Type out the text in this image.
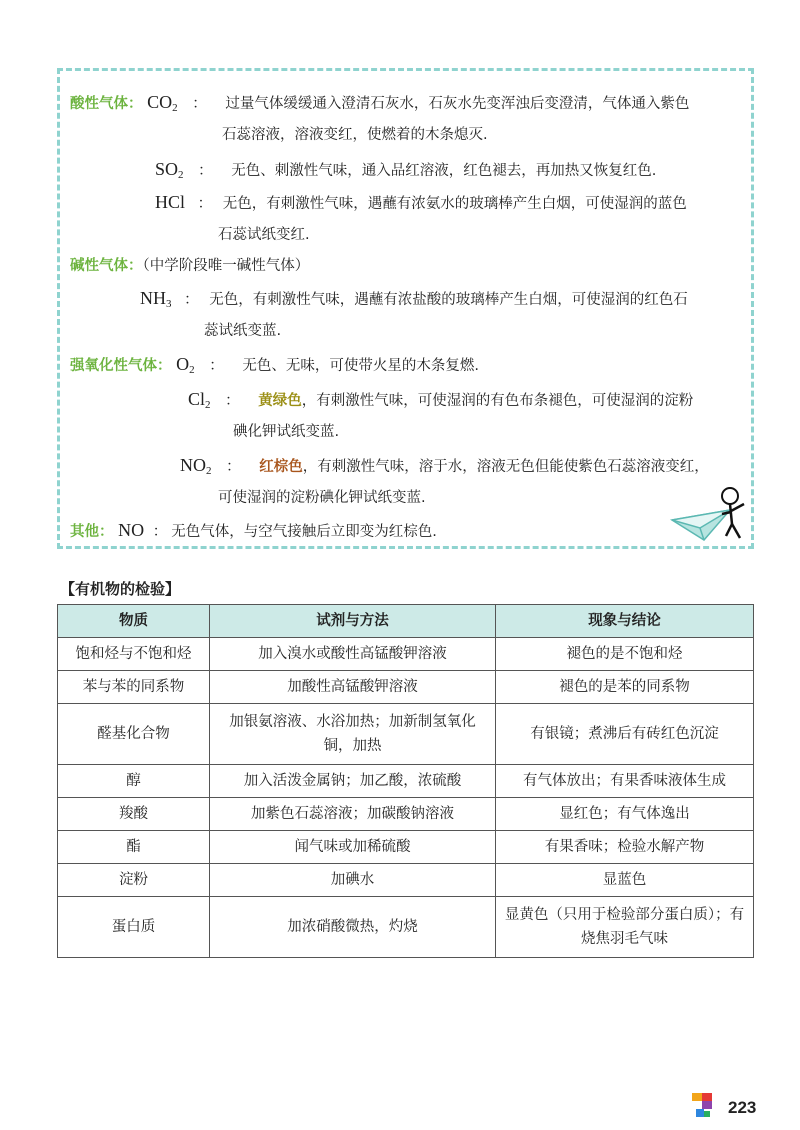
酸性气体： $CO_2$ ： 过量气体缓缓通入澄清石灰水，石灰水先变浑浊后变澄清，气体通入紫色
石蕊溶液，溶液变红，使燃着的木条熄灭.
$SO_2$ ： 无色、刺激性气味，通入品红溶液，红色褪去，再加热又恢复红色.
HCl ： 无色，有刺激性气味，遇蘸有浓氨水的玻璃棒产生白烟，可使湿润的蓝色
石蕊试纸变红.
碱性气体：（中学阶段唯一碱性气体）
$NH_3$ ： 无色，有刺激性气味，遇蘸有浓盐酸的玻璃棒产生白烟，可使湿润的红色石
蕊试纸变蓝.
强氧化性气体： $O_2$ ： 无色、无味，可使带火星的木条复燃.
$Cl_2$ ： 黄绿色，有刺激性气味，可使湿润的有色布条褪色，可使湿润的淀粉
碘化钾试纸变蓝.
$NO_2$ ： 红棕色，有刺激性气味，溶于水，溶液无色但能使紫色石蕊溶液变红，
可使湿润的淀粉碘化钾试纸变蓝.
其他： NO ： 无色气体，与空气接触后立即变为红棕色.
【有机物的检验】
物质	试剂与方法	现象与结论
饱和烃与不饱和烃	加入溴水或酸性高锰酸钾溶液	褪色的是不饱和烃
苯与苯的同系物	加酸性高锰酸钾溶液	褪色的是苯的同系物
醛基化合物	加银氨溶液、水浴加热；加新制氢氧化铜，加热	有银镜；煮沸后有砖红色沉淀
醇	加入活泼金属钠；加乙酸，浓硫酸	有气体放出；有果香味液体生成
羧酸	加紫色石蕊溶液；加碳酸钠溶液	显红色；有气体逸出
酯	闻气味或加稀硫酸	有果香味；检验水解产物
淀粉	加碘水	显蓝色
蛋白质	加浓硝酸微热，灼烧	显黄色（只用于检验部分蛋白质）；有烧焦羽毛气味
223
